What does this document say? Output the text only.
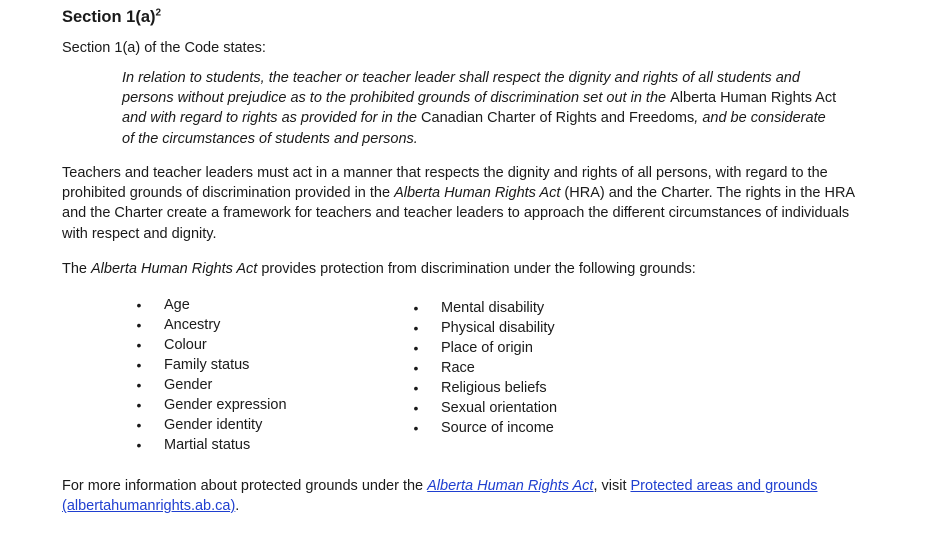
Section $1(a)^2$
Section 1(a) of the Code states:
In relation to students, the teacher or teacher leader shall respect the dignity and rights of all students and
persons without prejudice as to the prohibited grounds of discrimination set out in the Alberta Human Rights Act
and with regard to rights as provided for in the Canadian Charter of Rights and Freedoms, and be considerate
of the circumstances of students and persons.
Teachers and teacher leaders must act in a manner that respects the dignity and rights of all persons, with regard to the
prohibited grounds of discrimination provided in the Alberta Human Rights Act (HRA) and the Charter. The rights in the HRA
and the Charter create a framework for teachers and teacher leaders to approach the different circumstances of individuals
with respect and dignity.
The Alberta Human Rights Act provides protection from discrimination under the following grounds:
• Age
• Ancestry
• Colour
• Family status
• Gender
• Gender expression
• Gender identity
• Martial status
• Mental disability
• Physical disability
• Place of origin
• Race
• Religious beliefs
• Sexual orientation
• Source of income
For more information about protected grounds under the Alberta Human Rights Act, visit Protected areas and grounds
(albertahumanrights.ab.ca).
